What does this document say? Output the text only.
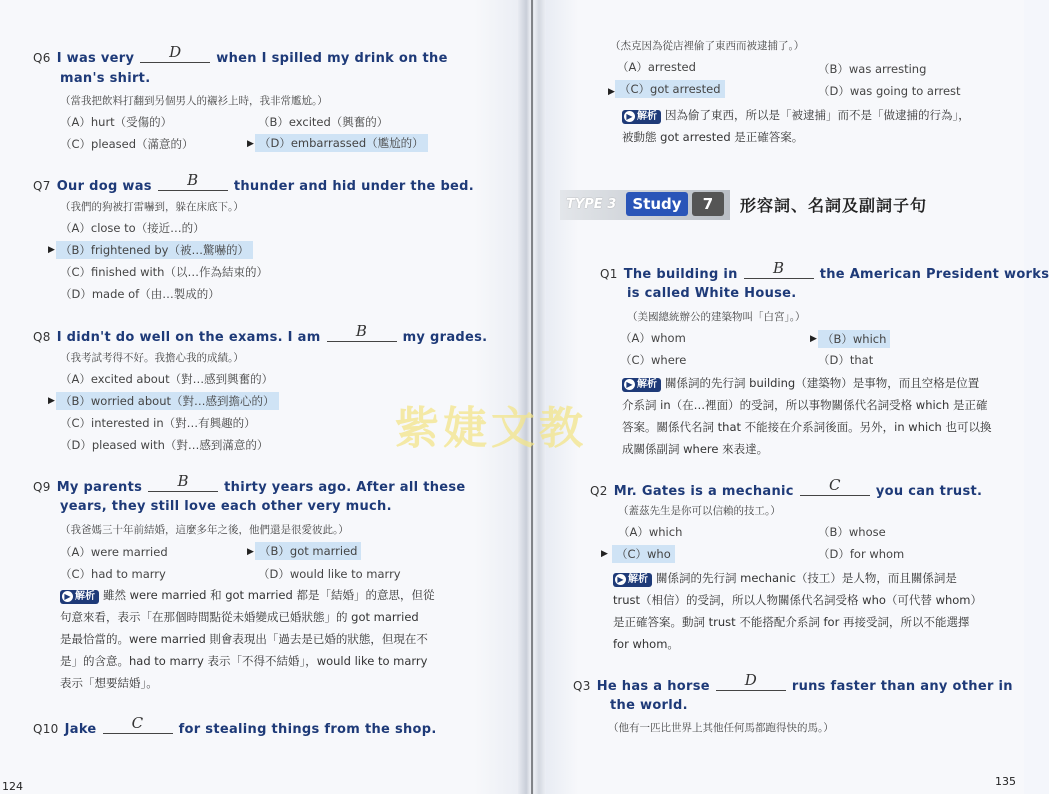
Q6 I was very D	when I spilled my drink on the
man's shirt.
（當我把飲料打翻到另個男人的襯衫上時，我非常尷尬。）
（A）hurt（受傷的）	（B）excited（興奮的）
（C）pleased（滿意的）	▶ （D）embarrassed（尷尬的）
Q7 Our dog was B	thunder and hid under the bed.
（我們的狗被打雷嚇到，躲在床底下。）
（A）close to（接近…的）
▶ （B）frightened by（被…驚嚇的）
（C）finished with（以…作為結束的）
（D）made of（由…製成的）
Q8 I didn't do well on the exams. I am B	my grades.
（我考試考得不好。我擔心我的成績。）
（A）excited about（對…感到興奮的）
▶ （B）worried about（對…感到擔心的）
（C）interested in（對…有興趣的）
（D）pleased with（對…感到滿意的）
Q9 My parents B	thirty years ago. After all these
years, they still love each other very much.
（我爸媽三十年前結婚，這麼多年之後，他們還是很愛彼此。）
（A）were married	▶ （B）got married
（C）had to marry	（D）would like to marry
▶ 解析 雖然 were married 和 got married 都是「結婚」的意思，但從
句意來看，表示「在那個時間點從未婚變成已婚狀態」的 got married
是最恰當的。were married 則會表現出「過去是已婚的狀態，但現在不
是」的含意。had to marry 表示「不得不結婚」，would like to marry
表示「想要結婚」。
Q10 Jake C	for stealing things from the shop.
124
（杰克因為從店裡偷了東西而被逮捕了。）
（A）arrested	（B）was arresting
▶ （C）got arrested	（D）was going to arrest
▶ 解析 因為偷了東西，所以是「被逮捕」而不是「做逮捕的行為」，
被動態 got arrested 是正確答案。
TYPE 3	Study	7	形容詞、名詞及副詞子句
Q1 The building in B	the American President works
is called White House.
（美國總統辦公的建築物叫「白宮」。）
（A）whom	▶ （B）which
（C）where	（D）that
▶ 解析 關係詞的先行詞 building（建築物）是事物，而且空格是位置
介系詞 in（在…裡面）的受詞，所以事物關係代名詞受格 which 是正確
答案。關係代名詞 that 不能接在介系詞後面。另外，in which 也可以換
成關係副詞 where 來表達。
Q2 Mr. Gates is a mechanic C	you can trust.
（蓋茲先生是你可以信賴的技工。）
（A）which	（B）whose
▶ （C）who	（D）for whom
▶ 解析 關係詞的先行詞 mechanic（技工）是人物，而且關係詞是
trust（相信）的受詞，所以人物關係代名詞受格 who（可代替 whom）
是正確答案。動詞 trust 不能搭配介系詞 for 再接受詞，所以不能選擇
for whom。
Q3 He has a horse D	runs faster than any other in
the world.
（他有一匹比世界上其他任何馬都跑得快的馬。）
135
紫婕文教
